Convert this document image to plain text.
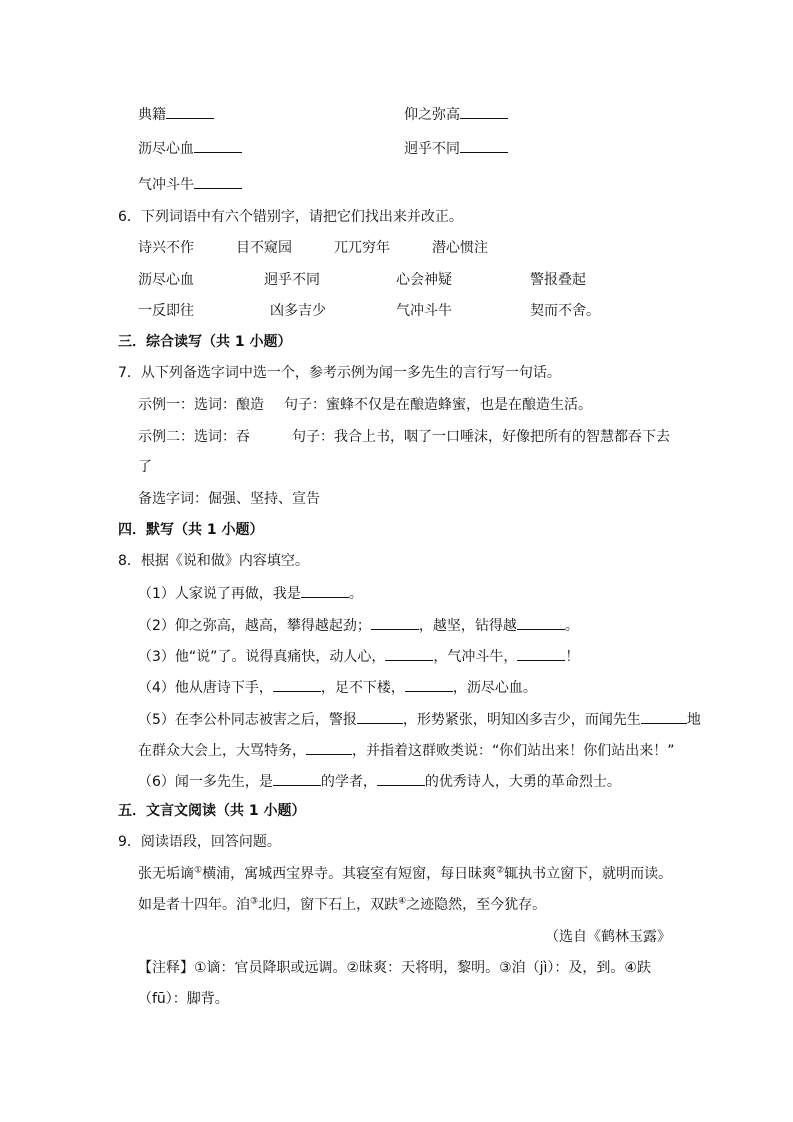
典籍	仰之弥高
沥尽心血	迥乎不同
气冲斗牛
6．下列词语中有六个错别字，请把它们找出来并改正。
诗兴不作	目不窥园	兀兀穷年	潜心惯注
沥尽心血	迥乎不同	心会神疑	警报叠起
一反即往	凶多吉少	气冲斗牛	契而不舍。
三．综合读写（共 1 小题）
7．从下列备选字词中选一个，参考示例为闻一多先生的言行写一句话。
示例一：选词：酿造 句子：蜜蜂不仅是在酿造蜂蜜，也是在酿造生活。
示例二：选词：吞	句子：我合上书，咽了一口唾沫，好像把所有的智慧都吞下去
了
备选字词：倔强、坚持、宣告
四．默写（共 1 小题）
8．根据《说和做》内容填空。
（1）人家说了再做，我是	。
（2）仰之弥高，越高，攀得越起劲；	，越坚，钻得越	。
（3）他“说”了。说得真痛快，动人心，	，气冲斗牛，	！
（4）他从唐诗下手，	，足不下楼，	，沥尽心血。
（5）在李公朴同志被害之后，警报	，形势紧张，明知凶多吉少，而闻先生	地
在群众大会上，大骂特务，	，并指着这群败类说：“你们站出来！你们站出来！”
（6）闻一多先生，是	的学者，	的优秀诗人，大勇的革命烈士。
五．文言文阅读（共 1 小题）
9．阅读语段，回答问题。
张无垢谪①横浦，寓城西宝界寺。其寝室有短窗，每日昧爽②辄执书立窗下，就明而读。
如是者十四年。洎③北归，窗下石上，双趺④之迹隐然，至今犹存。
（选自《鹤林玉露》
【注释】①谪：官员降职或远调。②昧爽：天将明，黎明。③洎（jì）：及，到。④趺
（fū）：脚背。
